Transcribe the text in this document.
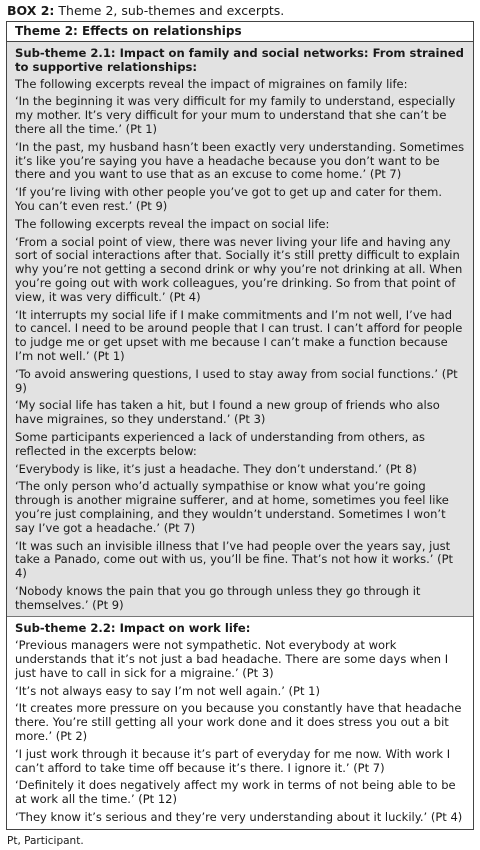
BOX 2: Theme 2, sub-themes and excerpts.
Theme 2: Effects on relationships
Sub-theme 2.1: Impact on family and social networks: From strained to supportive relationships:
The following excerpts reveal the impact of migraines on family life:
‘In the beginning it was very difficult for my family to understand, especially my mother. It’s very difficult for your mum to understand that she can’t be there all the time.’ (Pt 1)
‘In the past, my husband hasn’t been exactly very understanding. Sometimes it’s like you’re saying you have a headache because you don’t want to be there and you want to use that as an excuse to come home.’ (Pt 7)
‘If you’re living with other people you’ve got to get up and cater for them. You can’t even rest.’ (Pt 9)
The following excerpts reveal the impact on social life:
‘From a social point of view, there was never living your life and having any sort of social interactions after that. Socially it’s still pretty difficult to explain why you’re not getting a second drink or why you’re not drinking at all. When you’re going out with work colleagues, you’re drinking. So from that point of view, it was very difficult.’ (Pt 4)
‘It interrupts my social life if I make commitments and I’m not well, I’ve had to cancel. I need to be around people that I can trust. I can’t afford for people to judge me or get upset with me because I can’t make a function because I’m not well.’ (Pt 1)
‘To avoid answering questions, I used to stay away from social functions.’ (Pt 9)
‘My social life has taken a hit, but I found a new group of friends who also have migraines, so they understand.’ (Pt 3)
Some participants experienced a lack of understanding from others, as reflected in the excerpts below:
‘Everybody is like, it’s just a headache. They don’t understand.’ (Pt 8)
‘The only person who’d actually sympathise or know what you’re going through is another migraine sufferer, and at home, sometimes you feel like you’re just complaining, and they wouldn’t understand. Sometimes I won’t say I’ve got a headache.’ (Pt 7)
‘It was such an invisible illness that I’ve had people over the years say, just take a Panado, come out with us, you’ll be fine. That’s not how it works.’ (Pt 4)
‘Nobody knows the pain that you go through unless they go through it themselves.’ (Pt 9)
Sub-theme 2.2: Impact on work life:
‘Previous managers were not sympathetic. Not everybody at work understands that it’s not just a bad headache. There are some days when I just have to call in sick for a migraine.’ (Pt 3)
‘It’s not always easy to say I’m not well again.’ (Pt 1)
‘It creates more pressure on you because you constantly have that headache there. You’re still getting all your work done and it does stress you out a bit more.’ (Pt 2)
‘I just work through it because it’s part of everyday for me now. With work I can’t afford to take time off because it’s there. I ignore it.’ (Pt 7)
‘Definitely it does negatively affect my work in terms of not being able to be at work all the time.’ (Pt 12)
‘They know it’s serious and they’re very understanding about it luckily.’ (Pt 4)
Pt, Participant.
